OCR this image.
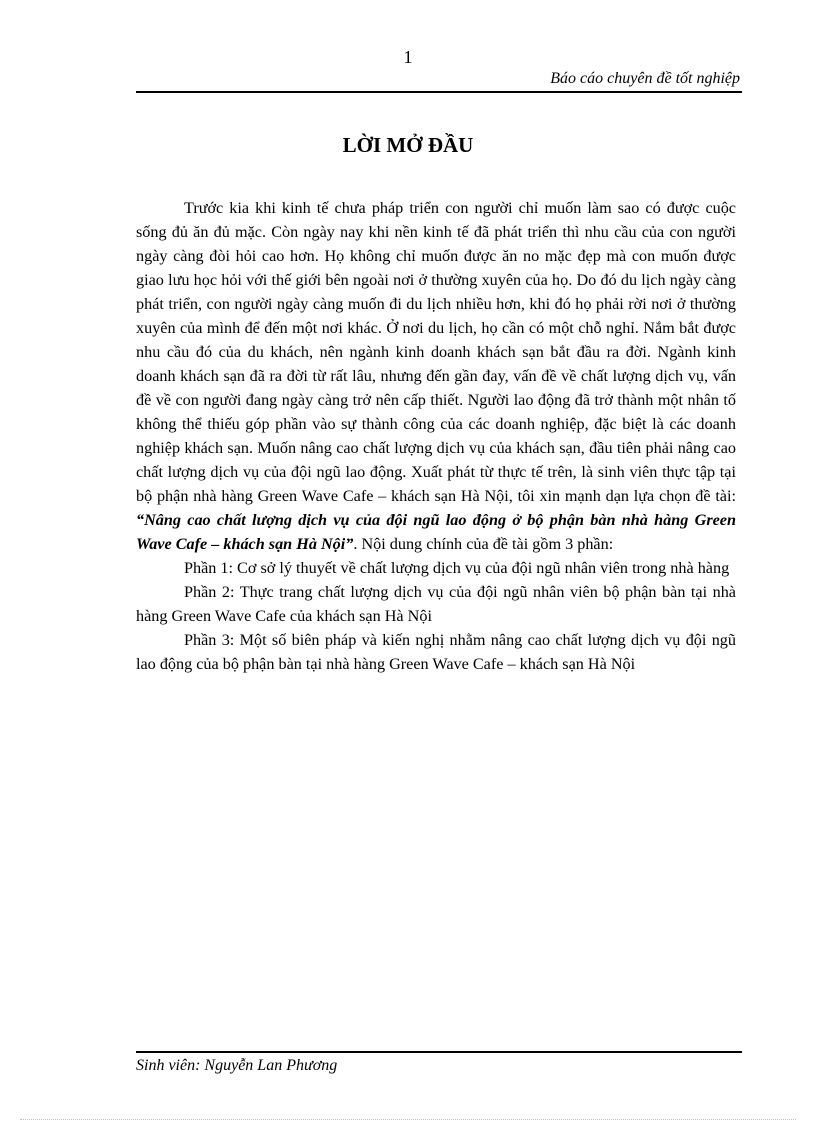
1
Báo cáo chuyên đề tốt nghiệp
LỜI MỞ ĐẦU

Trước kia khi kinh tế chưa pháp triển con người chỉ muốn làm sao có được cuộc sống đủ ăn đủ mặc. Còn ngày nay khi nền kinh tế đã phát triển thì nhu cầu của con người ngày càng đòi hỏi cao hơn. Họ không chỉ muốn được ăn no mặc đẹp mà con muốn được giao lưu học hỏi với thế giới bên ngoài nơi ở thường xuyên của họ. Do đó du lịch ngày càng phát triển, con người ngày càng muốn đi du lịch nhiều hơn, khi đó họ phải rời nơi ở thường xuyên của mình để đến một nơi khác. Ở nơi du lịch, họ cần có một chỗ nghỉ. Nắm bắt được nhu cầu đó của du khách, nên ngành kinh doanh khách sạn bắt đầu ra đời. Ngành kinh doanh khách sạn đã ra đời từ rất lâu, nhưng đến gần đay, vấn đề về chất lượng dịch vụ, vấn đề về con người đang ngày càng trở nên cấp thiết. Người lao động đã trở thành một nhân tố không thể thiếu góp phần vào sự thành công của các doanh nghiệp, đặc biệt là các doanh nghiệp khách sạn. Muốn nâng cao chất lượng dịch vụ của khách sạn, đầu tiên phải nâng cao chất lượng dịch vụ của đội ngũ lao động. Xuất phát từ thực tế trên, là sinh viên thực tập tại bộ phận nhà hàng Green Wave Cafe – khách sạn Hà Nội, tôi xin mạnh dạn lựa chọn đề tài: “Nâng cao chất lượng dịch vụ của đội ngũ lao động ở bộ phận bàn nhà hàng Green Wave Cafe – khách sạn Hà Nội”. Nội dung chính của đề tài gồm 3 phần:

Phần 1: Cơ sở lý thuyết về chất lượng dịch vụ của đội ngũ nhân viên trong nhà hàng

Phần 2: Thực trang chất lượng dịch vụ của đội ngũ nhân viên bộ phận bàn tại nhà hàng Green Wave Cafe của khách sạn Hà Nội

Phần 3: Một số biên pháp và kiến nghị nhằm nâng cao chất lượng dịch vụ đội ngũ lao động của bộ phận bàn tại nhà hàng Green Wave Cafe – khách sạn Hà Nội

Sinh viên: Nguyễn Lan Phương
